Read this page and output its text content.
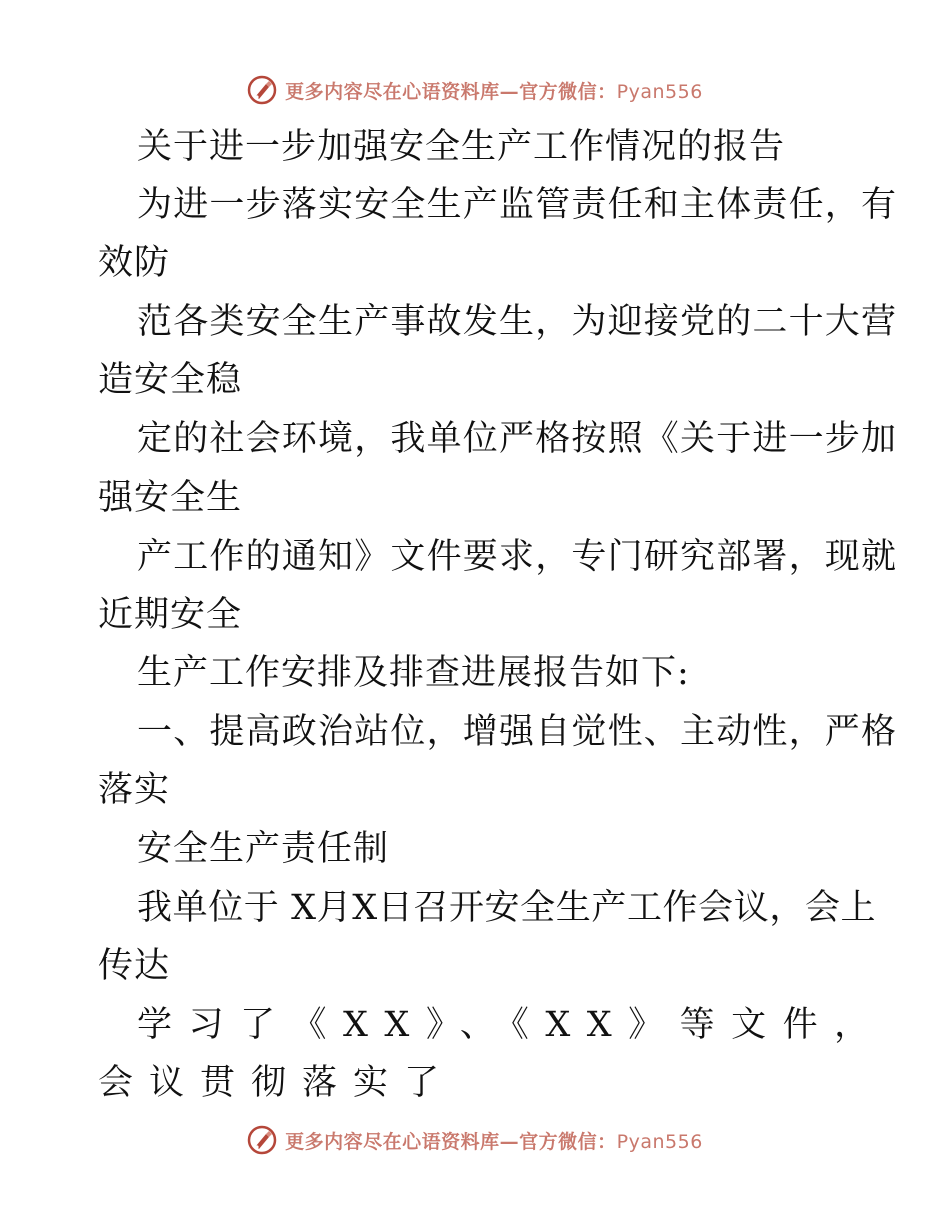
更多内容尽在心语资料库—官方微信：Pyan556
关于进一步加强安全生产工作情况的报告
为进一步落实安全生产监管责任和主体责任，有
效防
范各类安全生产事故发生，为迎接党的二十大营
造安全稳
定的社会环境，我单位严格按照《关于进一步加
强安全生
产工作的通知》文件要求，专门研究部署，现就
近期安全
生产工作安排及排查进展报告如下:
一、提高政治站位，增强自觉性、主动性，严格
落实
安全生产责任制
我单位于 X月X日召开安全生产工作会议，会上
传达
学习了《XX》、《XX》等文件，
会议贯彻落实了
更多内容尽在心语资料库—官方微信：Pyan556
